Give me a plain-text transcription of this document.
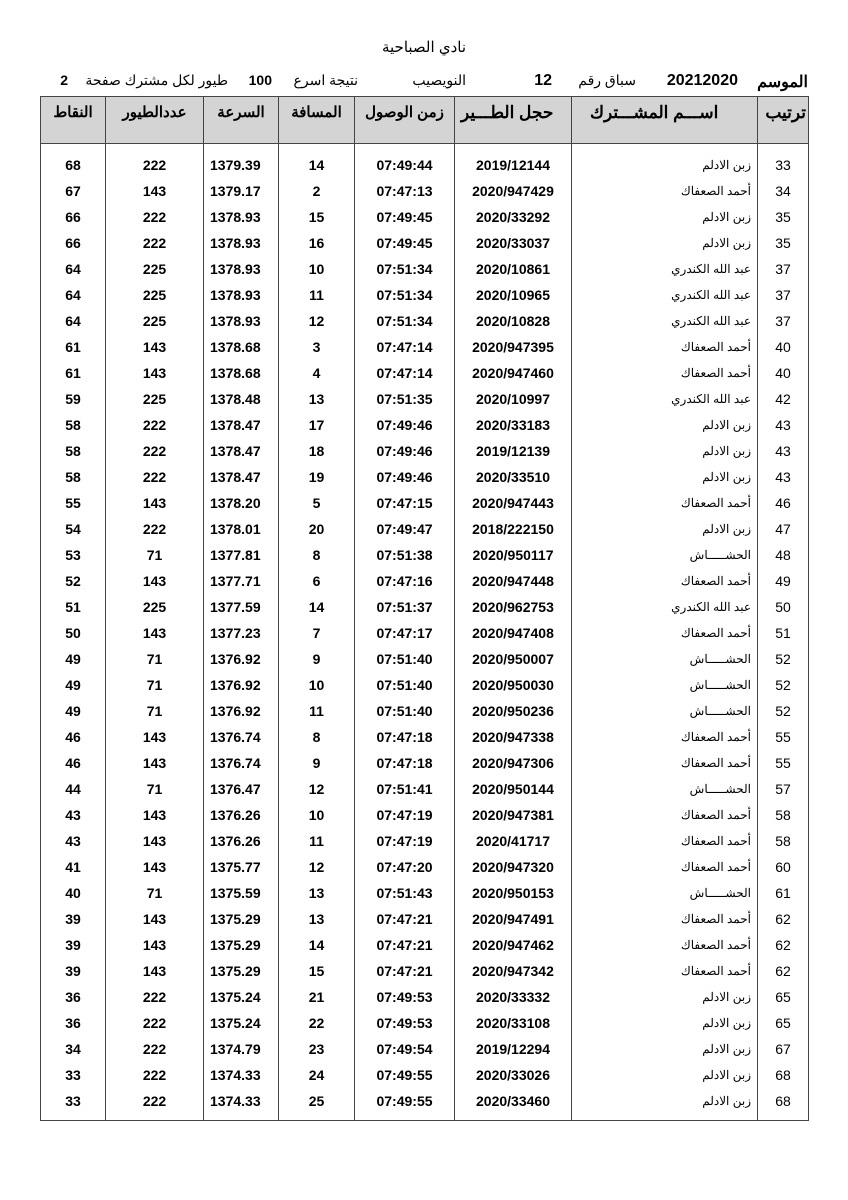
نادي الصباحية
الموسم
20212020
سباق رقم
12
النويصيب
نتيجة اسرع
100
طيور لكل مشترك صفحة
2
ترتيب	اســـم المشـــترك	حجل الطـــير	زمن الوصول	المسافة	السرعة	عددالطيور	النقاط

33	زبن الادلم	2019/12144	07:49:44	14	1379.39	222	68
34	أحمد الصعفاك	2020/947429	07:47:13	2	1379.17	143	67
35	زبن الادلم	2020/33292	07:49:45	15	1378.93	222	66
35	زبن الادلم	2020/33037	07:49:45	16	1378.93	222	66
37	عبد الله الكندري	2020/10861	07:51:34	10	1378.93	225	64
37	عبد الله الكندري	2020/10965	07:51:34	11	1378.93	225	64
37	عبد الله الكندري	2020/10828	07:51:34	12	1378.93	225	64
40	أحمد الصعفاك	2020/947395	07:47:14	3	1378.68	143	61
40	أحمد الصعفاك	2020/947460	07:47:14	4	1378.68	143	61
42	عبد الله الكندري	2020/10997	07:51:35	13	1378.48	225	59
43	زبن الادلم	2020/33183	07:49:46	17	1378.47	222	58
43	زبن الادلم	2019/12139	07:49:46	18	1378.47	222	58
43	زبن الادلم	2020/33510	07:49:46	19	1378.47	222	58
46	أحمد الصعفاك	2020/947443	07:47:15	5	1378.20	143	55
47	زبن الادلم	2018/222150	07:49:47	20	1378.01	222	54
48	الحشـــــاش	2020/950117	07:51:38	8	1377.81	71	53
49	أحمد الصعفاك	2020/947448	07:47:16	6	1377.71	143	52
50	عبد الله الكندري	2020/962753	07:51:37	14	1377.59	225	51
51	أحمد الصعفاك	2020/947408	07:47:17	7	1377.23	143	50
52	الحشـــــاش	2020/950007	07:51:40	9	1376.92	71	49
52	الحشـــــاش	2020/950030	07:51:40	10	1376.92	71	49
52	الحشـــــاش	2020/950236	07:51:40	11	1376.92	71	49
55	أحمد الصعفاك	2020/947338	07:47:18	8	1376.74	143	46
55	أحمد الصعفاك	2020/947306	07:47:18	9	1376.74	143	46
57	الحشـــــاش	2020/950144	07:51:41	12	1376.47	71	44
58	أحمد الصعفاك	2020/947381	07:47:19	10	1376.26	143	43
58	أحمد الصعفاك	2020/41717	07:47:19	11	1376.26	143	43
60	أحمد الصعفاك	2020/947320	07:47:20	12	1375.77	143	41
61	الحشـــــاش	2020/950153	07:51:43	13	1375.59	71	40
62	أحمد الصعفاك	2020/947491	07:47:21	13	1375.29	143	39
62	أحمد الصعفاك	2020/947462	07:47:21	14	1375.29	143	39
62	أحمد الصعفاك	2020/947342	07:47:21	15	1375.29	143	39
65	زبن الادلم	2020/33332	07:49:53	21	1375.24	222	36
65	زبن الادلم	2020/33108	07:49:53	22	1375.24	222	36
67	زبن الادلم	2019/12294	07:49:54	23	1374.79	222	34
68	زبن الادلم	2020/33026	07:49:55	24	1374.33	222	33
68	زبن الادلم	2020/33460	07:49:55	25	1374.33	222	33
